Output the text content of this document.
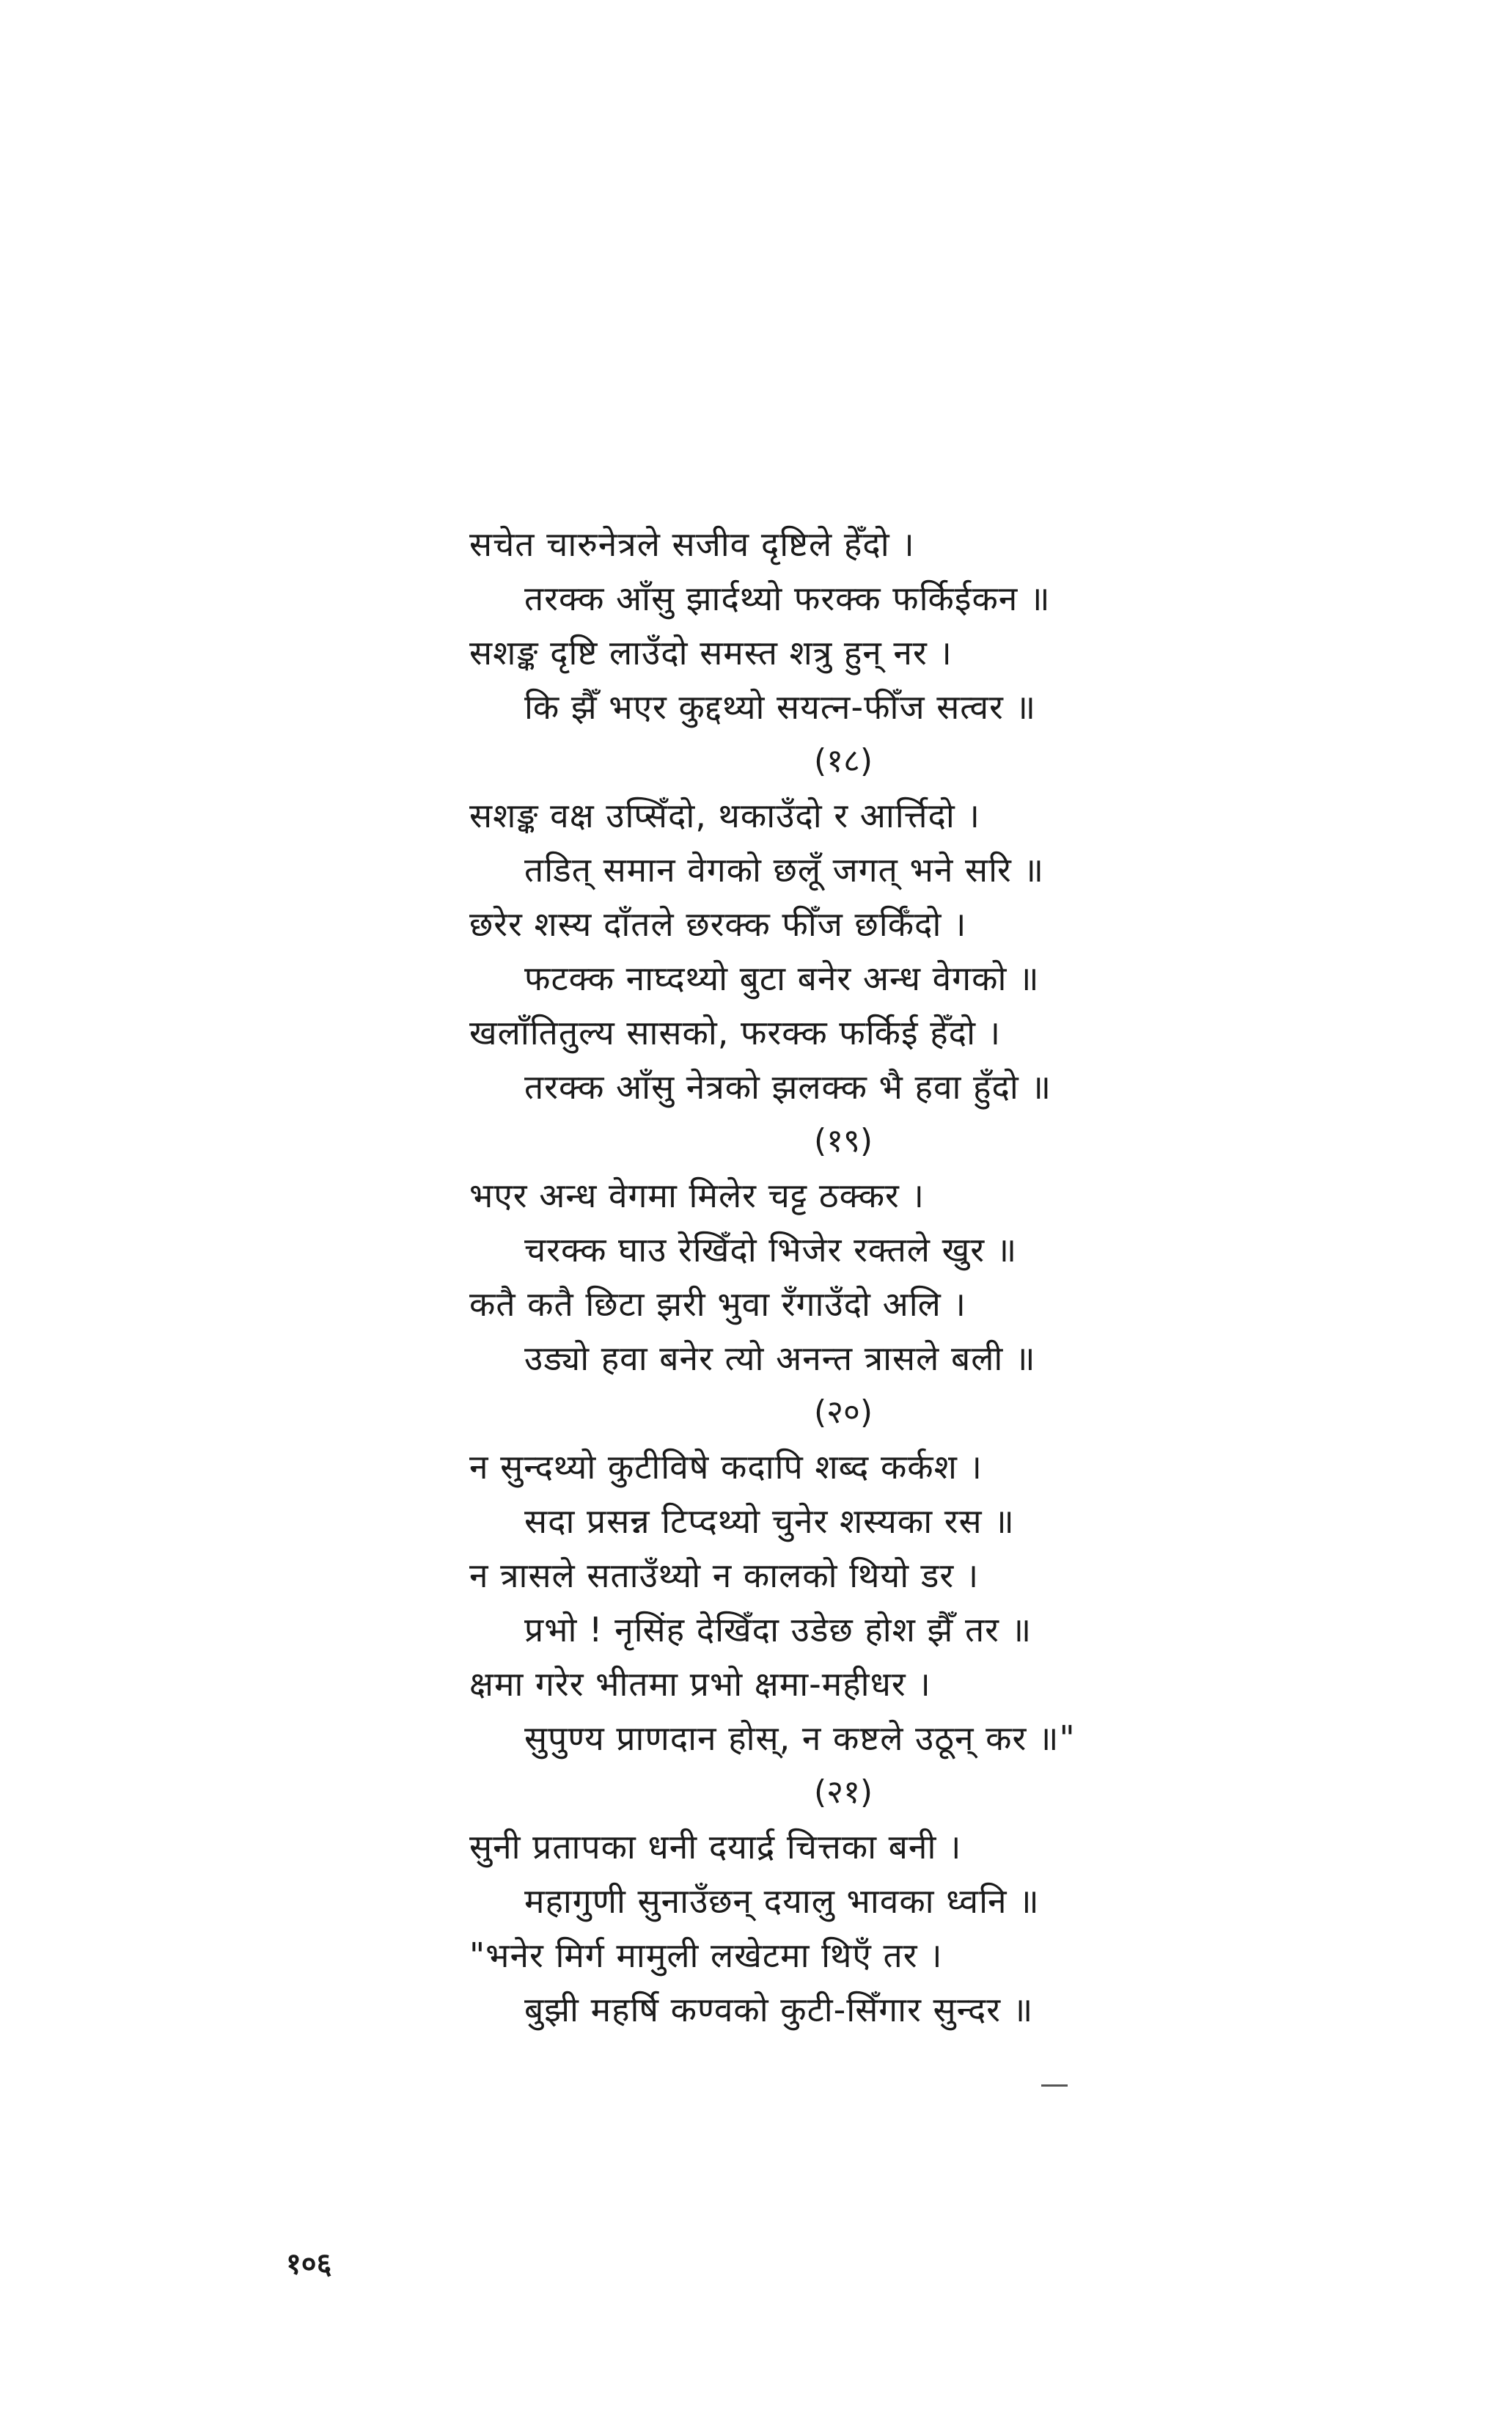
सचेत चारुनेत्रले सजीव दृष्टिले हेँदो ।
तरक्क आँसु झार्दथ्यो फरक्क फर्किईकन ॥
सशङ्क दृष्टि लाउँदो समस्त शत्रु हुन् नर ।
कि झैँ भएर कुद्दथ्यो सयत्न-फीँज सत्वर ॥
(१८)
सशङ्क वक्ष उप्सिँदो, थकाउँदो र आर्त्तिदो ।
तडित् समान वेगको छलूँ जगत् भने सरि ॥
छरेर शस्य दाँतले छरक्क फीँज छर्किँदो ।
फटक्क नाघ्दथ्यो बुटा बनेर अन्ध वेगको ॥
खलाँतितुल्य सासको, फरक्क फर्किई हेँदो ।
तरक्क आँसु नेत्रको झलक्क भै हवा हुँदो ॥
(१९)
भएर अन्ध वेगमा मिलेर चट्ट ठक्कर ।
चरक्क घाउ रेखिँदो भिजेर रक्तले खुर ॥
कतै कतै छिटा झरी भुवा रँगाउँदो अलि ।
उड्यो हवा बनेर त्यो अनन्त त्रासले बली ॥
(२०)
न सुन्दथ्यो कुटीविषे कदापि शब्द कर्कश ।
सदा प्रसन्न टिप्दथ्यो चुनेर शस्यका रस ॥
न त्रासले सताउँथ्यो न कालको थियो डर ।
प्रभो ! नृसिंह देखिँदा उडेछ होश झैँ तर ॥
क्षमा गरेर भीतमा प्रभो क्षमा-महीधर ।
सुपुण्य प्राणदान होस्, न कष्टले उठून् कर ॥"
(२१)
सुनी प्रतापका धनी दयार्द्र चित्तका बनी ।
महागुणी सुनाउँछन् दयालु भावका ध्वनि ॥
"भनेर मिर्ग मामुली लखेटमा थिएँ तर ।
बुझी महर्षि कण्वको कुटी-सिँगार सुन्दर ॥
१०६
